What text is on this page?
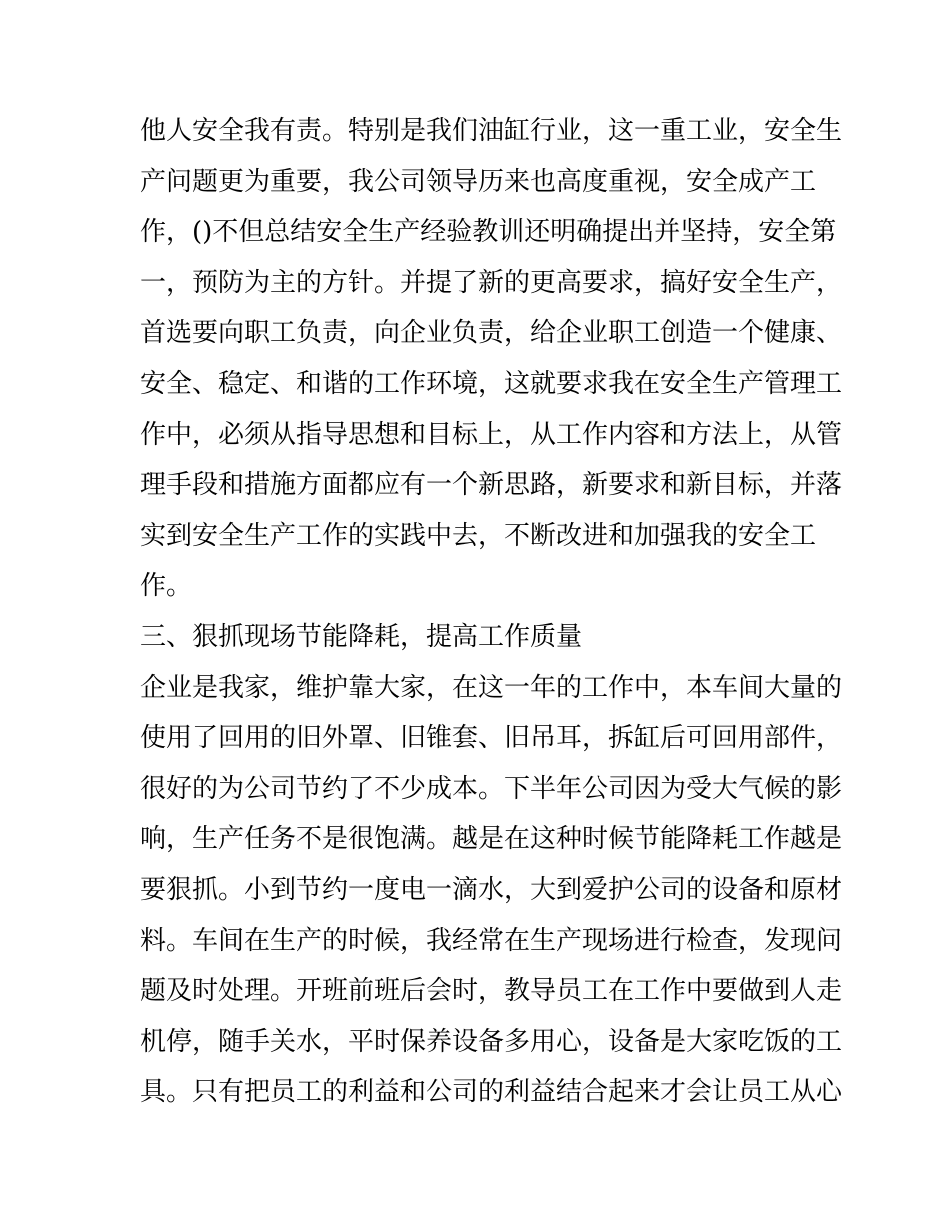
他人安全我有责。特别是我们油缸行业，这一重工业，安全生
产问题更为重要，我公司领导历来也高度重视，安全成产工
作，()不但总结安全生产经验教训还明确提出并坚持，安全第
一，预防为主的方针。并提了新的更高要求，搞好安全生产，
首选要向职工负责，向企业负责，给企业职工创造一个健康、
安全、稳定、和谐的工作环境，这就要求我在安全生产管理工
作中，必须从指导思想和目标上，从工作内容和方法上，从管
理手段和措施方面都应有一个新思路，新要求和新目标，并落
实到安全生产工作的实践中去，不断改进和加强我的安全工
作。
三、狠抓现场节能降耗，提高工作质量
企业是我家，维护靠大家，在这一年的工作中，本车间大量的
使用了回用的旧外罩、旧锥套、旧吊耳，拆缸后可回用部件，
很好的为公司节约了不少成本。下半年公司因为受大气候的影
响，生产任务不是很饱满。越是在这种时候节能降耗工作越是
要狠抓。小到节约一度电一滴水，大到爱护公司的设备和原材
料。车间在生产的时候，我经常在生产现场进行检查，发现问
题及时处理。开班前班后会时，教导员工在工作中要做到人走
机停，随手关水，平时保养设备多用心，设备是大家吃饭的工
具。只有把员工的利益和公司的利益结合起来才会让员工从心
